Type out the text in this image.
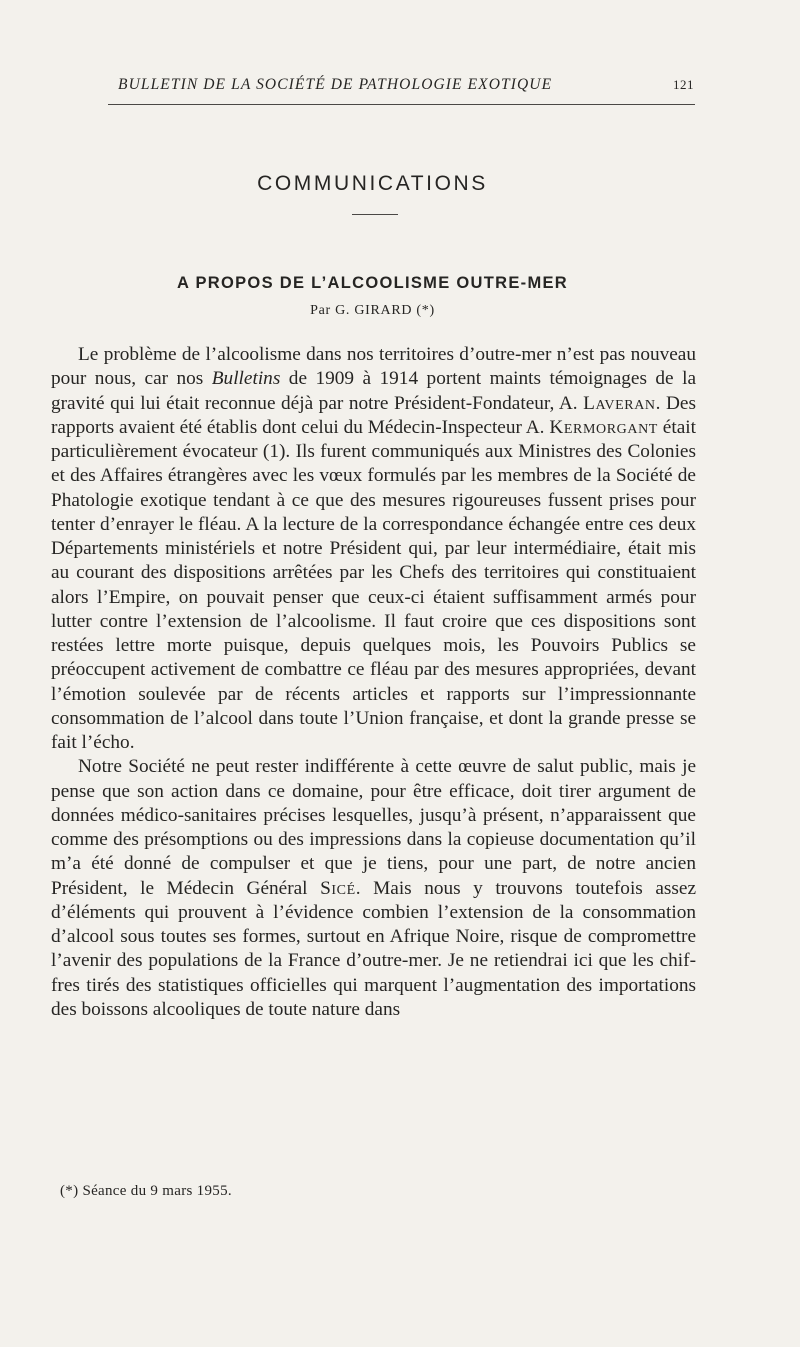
BULLETIN DE LA SOCIÉTÉ DE PATHOLOGIE EXOTIQUE	121
COMMUNICATIONS
A PROPOS DE L’ALCOOLISME OUTRE-MER
Par G. GIRARD (*)

Le problème de l’alcoolisme dans nos territoires d’outre-mer n’est pas nouveau pour nous, car nos Bulletins de 1909 à 1914 portent maints témoignages de la gravité qui lui était reconnue déjà par notre Président-Fondateur, A. Laveran. Des rapports avaient été établis dont celui du Médecin-Inspecteur A. Kermorgant était particulièrement évocateur (1). Ils furent communiqués aux Ministres des Colonies et des Affaires étrangères avec les vœux formulés par les membres de la Société de Phatologie exotique tendant à ce que des mesures rigoureuses fussent prises pour tenter d’enrayer le fléau. A la lecture de la correspondance échangée entre ces deux Départements ministériels et notre Président qui, par leur intermédiaire, était mis au courant des dispositions arrêtées par les Chefs des territoires qui constituaient alors l’Empire, on pouvait penser que ceux-ci étaient suffisamment armés pour lutter contre l’extension de l’alcoolisme. Il faut croire que ces dispositions sont restées lettre morte puisque, depuis quelques mois, les Pouvoirs Publics se préoccupent activement de combattre ce fléau par des mesures appropriées, devant l’émotion soulevée par de récents articles et rapports sur l’impressionnante consommation de l’alcool dans toute l’Union française, et dont la grande presse se fait l’écho.

Notre Société ne peut rester indifférente à cette œuvre de salut public, mais je pense que son action dans ce domaine, pour être efficace, doit tirer argument de données médico-sanitaires précises lesquelles, jusqu’à présent, n’apparaissent que comme des présomptions ou des impressions dans la copieuse documentation qu’il m’a été donné de compulser et que je tiens, pour une part, de notre ancien Président, le Médecin Général Sicé. Mais nous y trouvons toutefois assez d’éléments qui prouvent à l’évidence combien l’extension de la consommation d’alcool sous toutes ses formes, surtout en Afrique Noire, risque de compromettre l’avenir des populations de la France d’outre-mer. Je ne retiendrai ici que les chiffres tirés des statistiques officielles qui marquent l’augmentation des importations des boissons alcooliques de toute nature dans

(*) Séance du 9 mars 1955.
